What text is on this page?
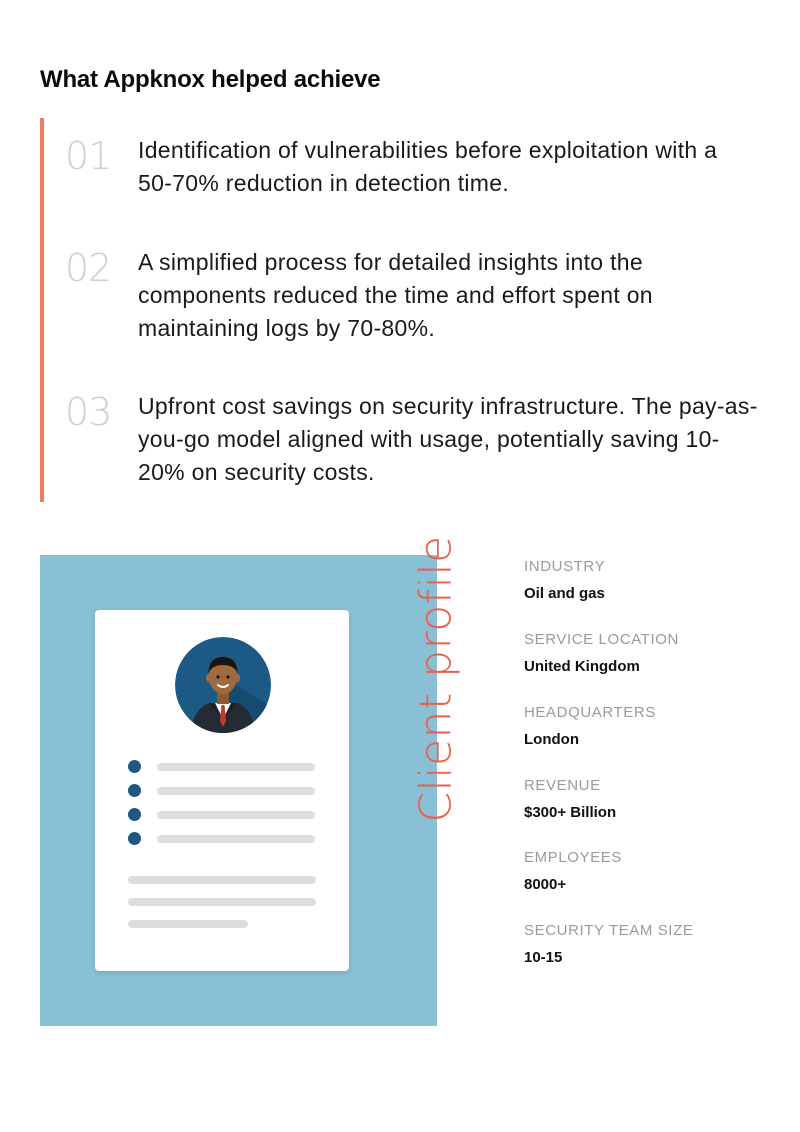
What Appknox helped achieve
01 Identification of vulnerabilities before exploitation with a 50-70% reduction in detection time.
02 A simplified process for detailed insights into the components reduced the time and effort spent on maintaining logs by 70-80%.
03 Upfront cost savings on security infrastructure. The pay-as-you-go model aligned with usage, potentially saving 10-20% on security costs.
Client profile	INDUSTRY
Oil and gas
SERVICE LOCATION
United Kingdom
HEADQUARTERS
London
REVENUE
$300+ Billion
EMPLOYEES
8000+
SECURITY TEAM SIZE
10-15
